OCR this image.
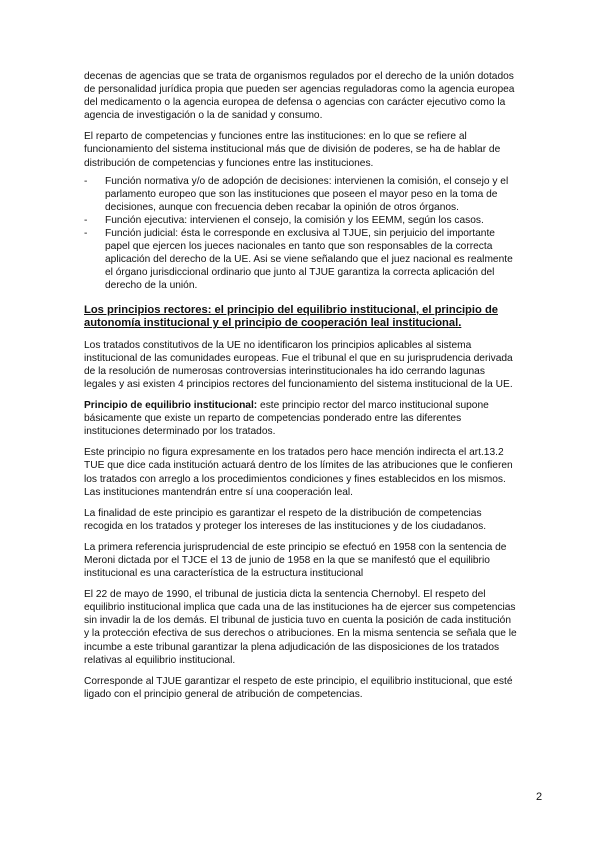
decenas de agencias que se trata de organismos regulados por el derecho de la unión dotados de personalidad jurídica propia que pueden ser agencias reguladoras como la agencia europea del medicamento o la agencia europea de defensa o agencias con carácter ejecutivo como la agencia de investigación o la de sanidad y consumo.

El reparto de competencias y funciones entre las instituciones: en lo que se refiere al funcionamiento del sistema institucional más que de división de poderes, se ha de hablar de distribución de competencias y funciones entre las instituciones.

- Función normativa y/o de adopción de decisiones: intervienen la comisión, el consejo y el parlamento europeo que son las instituciones que poseen el mayor peso en la toma de decisiones, aunque con frecuencia deben recabar la opinión de otros órganos.
- Función ejecutiva: intervienen el consejo, la comisión y los EEMM, según los casos.
- Función judicial: ésta le corresponde en exclusiva al TJUE, sin perjuicio del importante papel que ejercen los jueces nacionales en tanto que son responsables de la correcta aplicación del derecho de la UE. Asi se viene señalando que el juez nacional es realmente el órgano jurisdiccional ordinario que junto al TJUE garantiza la correcta aplicación del derecho de la unión.
Los principios rectores: el principio del equilibrio institucional, el principio de autonomía institucional y el principio de cooperación leal institucional.

Los tratados constitutivos de la UE no identificaron los principios aplicables al sistema institucional de las comunidades europeas. Fue el tribunal el que en su jurisprudencia derivada de la resolución de numerosas controversias interinstitucionales ha ido cerrando lagunas legales y asi existen 4 principios rectores del funcionamiento del sistema institucional de la UE.

Principio de equilibrio institucional: este principio rector del marco institucional supone básicamente que existe un reparto de competencias ponderado entre las diferentes instituciones determinado por los tratados.

Este principio no figura expresamente en los tratados pero hace mención indirecta el art.13.2 TUE que dice cada institución actuará dentro de los límites de las atribuciones que le confieren los tratados con arreglo a los procedimientos condiciones y fines establecidos en los mismos. Las instituciones mantendrán entre sí una cooperación leal.

La finalidad de este principio es garantizar el respeto de la distribución de competencias recogida en los tratados y proteger los intereses de las instituciones y de los ciudadanos.

La primera referencia jurisprudencial de este principio se efectuó en 1958 con la sentencia de Meroni dictada por el TJCE el 13 de junio de 1958 en la que se manifestó que el equilibrio institucional es una característica de la estructura institucional

El 22 de mayo de 1990, el tribunal de justicia dicta la sentencia Chernobyl. El respeto del equilibrio institucional implica que cada una de las instituciones ha de ejercer sus competencias sin invadir la de los demás. El tribunal de justicia tuvo en cuenta la posición de cada institución y la protección efectiva de sus derechos o atribuciones. En la misma sentencia se señala que le incumbe a este tribunal garantizar la plena adjudicación de las disposiciones de los tratados relativas al equilibrio institucional.

Corresponde al TJUE garantizar el respeto de este principio, el equilibrio institucional, que esté ligado con el principio general de atribución de competencias.

2
